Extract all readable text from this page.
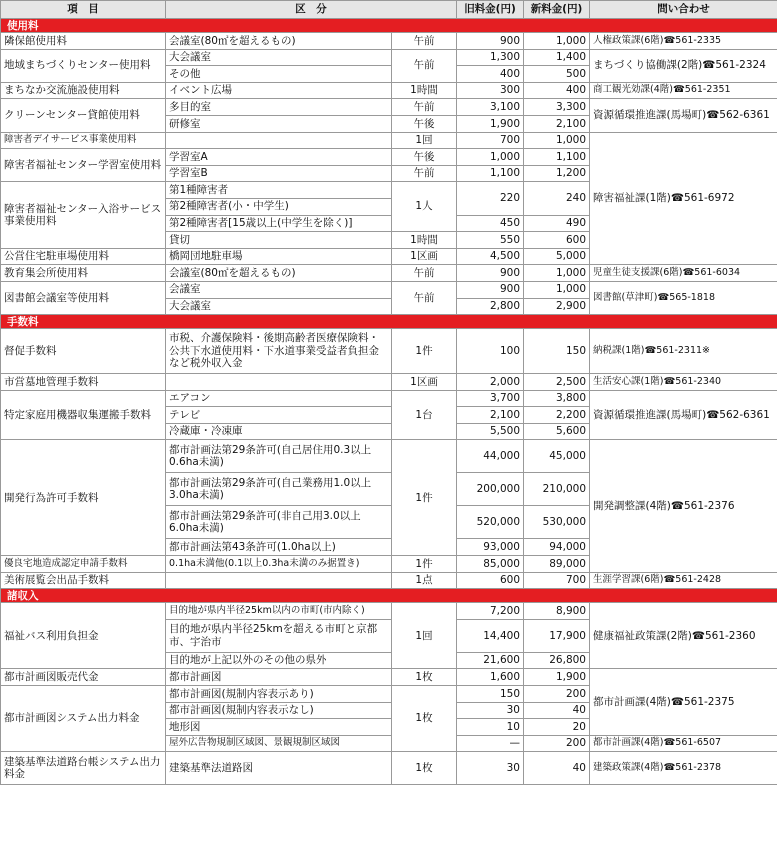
項　目	区　分		旧料金(円)	新料金(円)	問い合わせ	
使用料						
隣保館使用料	会議室(80㎡を超えるもの)	午前	900	1,000	人権政策課(6階)☎561-2335	
地域まちづくりセンター使用料	大会議室	午前	1,300	1,400	まちづくり協働課(2階)☎561-2324	
	その他		400	500		
まちなか交流施設使用料	イベント広場	1時間	300	400	商工観光効課(4階)☎561-2351	
クリーンセンター貸館使用料	多目的室	午前	3,100	3,300	資源循環推進課(馬場町)☎562-6361	
	研修室	午後	1,900	2,100		
障害者デイサービス事業使用料		1回	700	1,000	障害福祉課(1階)☎561-6972	
障害者福祉センター学習室使用料	学習室A	午後	1,000	1,100		
	学習室B	午前	1,100	1,200		
障害者福祉センター入浴サービス事業使用料	第1種障害者	1人	220	240		
	第2種障害者(小・中学生)					
	第2種障害者[15歳以上(中学生を除く)]		450	490		

	貸切	1時間	550	600		
公営住宅駐車場使用料	橋岡団地駐車場	1区画	4,500	5,000	
教育集会所使用料	会議室(80㎡を超えるもの)	午前	900	1,000	児童生徒支援課(6階)☎561-6034	
図書館会議室等使用料	会議室	午前	900	1,000	図書館(草津町)☎565-1818	
	大会議室		2,800	2,900		
手数料						
督促手数料	市税、介護保険料・後期高齢者医療保険料・公共下水道使用料・下水道事業受益者負担金など税外収入金	1件	100	150	納税課(1階)☎561-2311※	
市営墓地管理手数料		1区画	2,000	2,500	生活安心課(1階)☎561-2340	
特定家庭用機器収集運搬手数料	エアコン	1台	3,700	3,800	資源循環推進課(馬場町)☎562-6361	
	テレビ		2,100	2,200		
	冷蔵庫・冷凍庫		5,500	5,600		
開発行為許可手数料	都市計画法第29条許可(自己居住用0.3以上0.6ha未満)	1件	44,000	45,000	開発調整課(4階)☎561-2376	
	都市計画法第29条許可(自己業務用1.0以上3.0ha未満)		200,000	210,000		
	都市計画法第29条許可(非自己用3.0以上6.0ha未満)		520,000	530,000		
	都市計画法第43条許可(1.0ha以上)		93,000	94,000		
優良宅地造成認定申請手数料	0.1ha未満他(0.1以上0.3ha未満のみ据置き)	1件	85,000	89,000		
美術展覧会出品手数料		1点	600	700	生涯学習課(6階)☎561-2428	
諸収入						
福祉バス利用負担金	目的地が県内半径25km以内の市町(市内除く)	1回	7,200	8,900	健康福祉政策課(2階)☎561-2360	
	目的地が県内半径25kmを超える市町と京都市、宇治市		14,400	17,900		
	目的地が上記以外のその他の県外		21,600	26,800		
都市計画図販売代金	都市計画図	1枚	1,600	1,900	都市計画課(4階)☎561-2375	
都市計画図システム出力料金	都市計画図(規制内容表示あり)	1枚	150	200		
	都市計画図(規制内容表示なし)		30	40		
	地形図		10	20		
	屋外広告物規制区域図、景観規制区域図		—	200	都市計画課(4階)☎561-6507	
建築基準法道路台帳システム出力料金	建築基準法道路図	1枚	30	40	建築政策課(4階)☎561-2378	
